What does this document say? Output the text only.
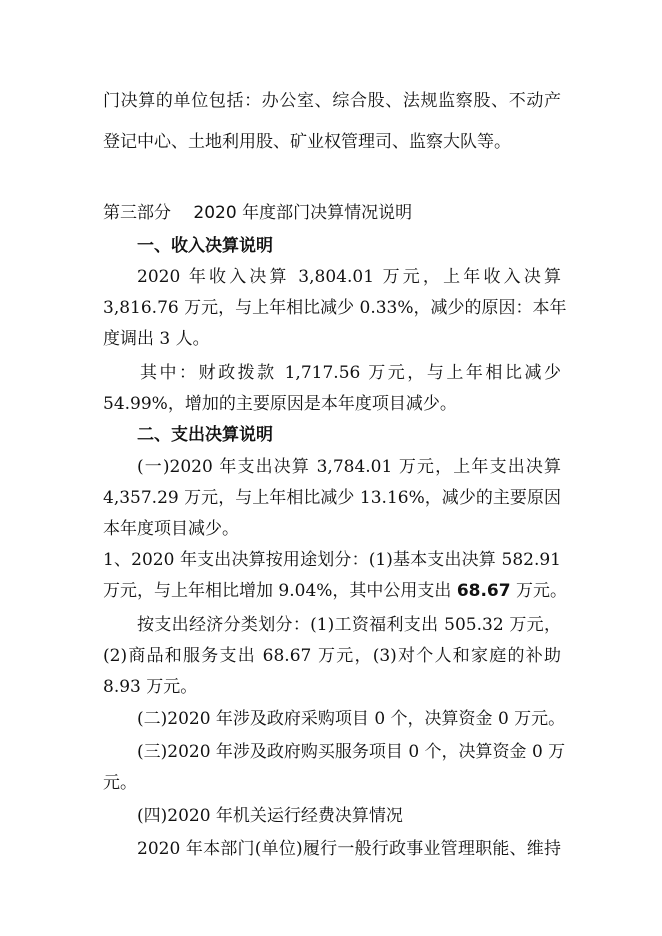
门决算的单位包括：办公室、综合股、法规监察股、不动产
登记中心、土地利用股、矿业权管理司、监察大队等。
第三部分　 2020 年度部门决算情况说明
一、收入决算说明
2020 年收入决算 3,804.01 万元，上年收入决算
3,816.76 万元，与上年相比减少 0.33%，减少的原因：本年
度调出 3 人。
其中：财政拨款 1,717.56 万元，与上年相比减少
54.99%，增加的主要原因是本年度项目减少。
二、支出决算说明
(一)2020 年支出决算 3,784.01 万元，上年支出决算
4,357.29 万元，与上年相比减少 13.16%，减少的主要原因
本年度项目减少。
1、2020 年支出决算按用途划分：(1)基本支出决算 582.91
万元，与上年相比增加 9.04%，其中公用支出 68.67 万元。
按支出经济分类划分：(1)工资福利支出 505.32 万元，
(2)商品和服务支出 68.67 万元，(3)对个人和家庭的补助
8.93 万元。
(二)2020 年涉及政府采购项目 0 个，决算资金 0 万元。
(三)2020 年涉及政府购买服务项目 0 个，决算资金 0 万
元。
(四)2020 年机关运行经费决算情况
2020 年本部门(单位)履行一般行政事业管理职能、维持
